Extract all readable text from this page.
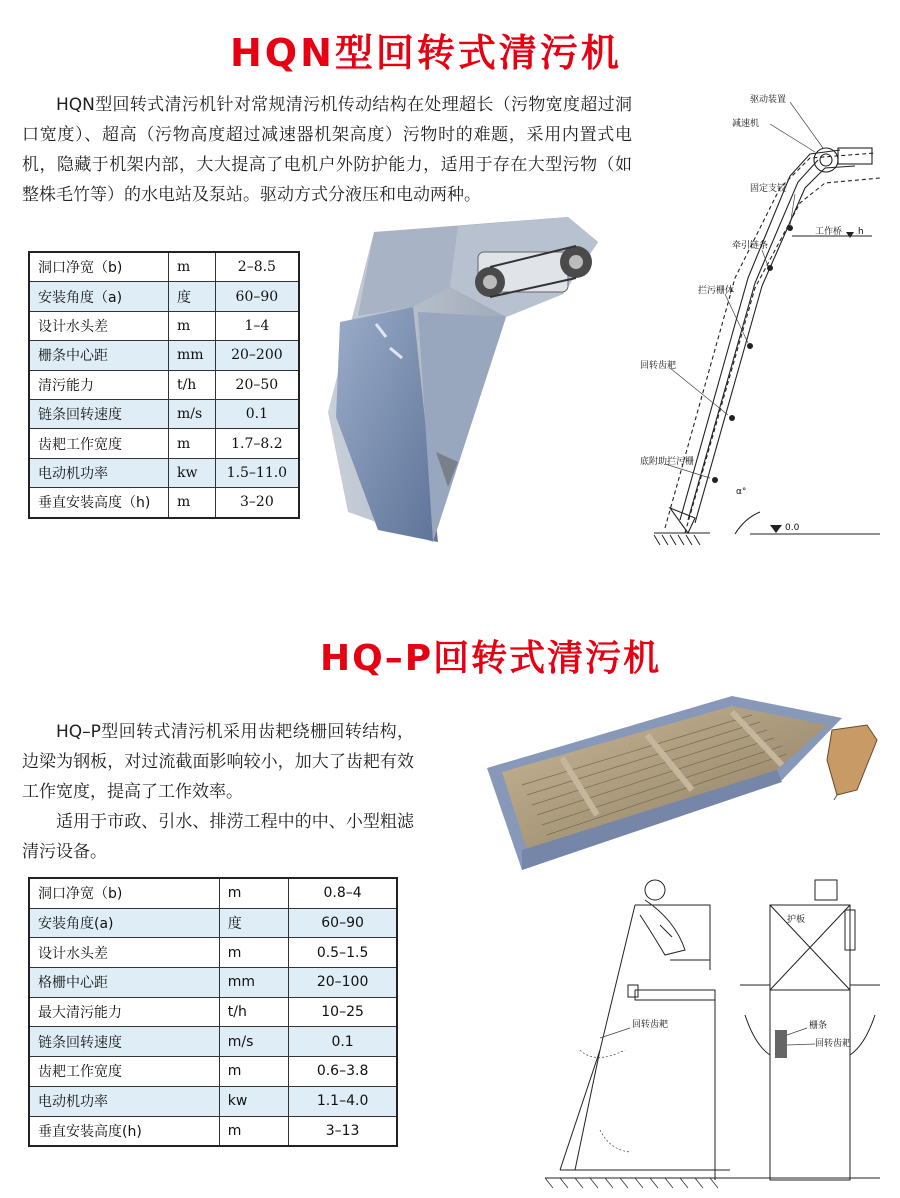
HQN型回转式清污机

HQN型回转式清污机针对常规清污机传动结构在处理超长（污物宽度超过洞口宽度）、超高（污物高度超过减速器机架高度）污物时的难题，采用内置式电机，隐藏于机架内部，大大提高了电机户外防护能力，适用于存在大型污物（如整株毛竹等）的水电站及泵站。驱动方式分液压和电动两种。

洞口净宽（b)	m	2–8.5
安装角度（a)	度	60–90
设计水头差	m	1–4
栅条中心距	mm	20–200
清污能力	t/h	20–50
链条回转速度	m/s	0.1
齿耙工作宽度	m	1.7–8.2
电动机功率	kw	1.5–11.0
垂直安装高度（h)	m	3–20
驱动装置
减速机
固定支铰
工作桥 h
牵引链条
拦污栅体
回转齿耙
底附助拦污栅
α°
0.0
HQ–P回转式清污机

HQ–P型回转式清污机采用齿耙绕栅回转结构，边梁为钢板，对过流截面影响较小，加大了齿耙有效工作宽度，提高了工作效率。

适用于市政、引水、排涝工程中的中、小型粗滤清污设备。

洞口净宽（b)	m	0.8–4
安装角度(a)	度	60–90
设计水头差	m	0.5–1.5
格栅中心距	mm	20–100
最大清污能力	t/h	10–25
链条回转速度	m/s	0.1
齿耙工作宽度	m	0.6–3.8
电动机功率	kw	1.1–4.0
垂直安装高度(h)	m	3–13
回转齿耙
护板
栅条
回转齿耙
